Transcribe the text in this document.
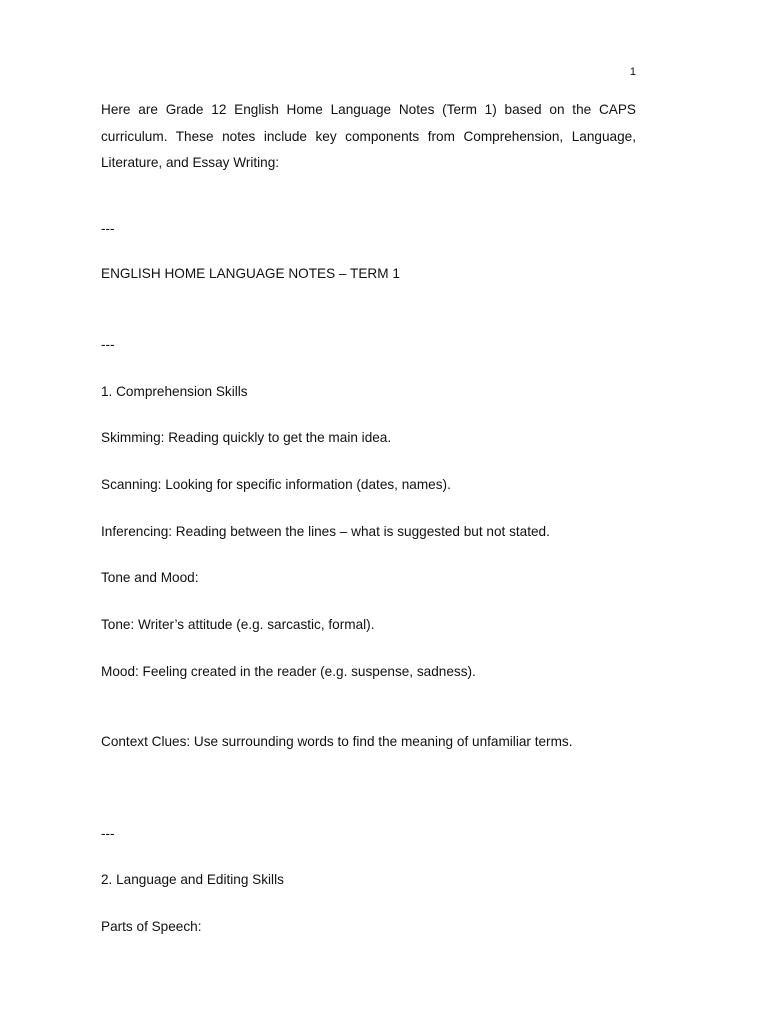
1
Here are Grade 12 English Home Language Notes (Term 1) based on the CAPS curriculum. These notes include key components from Comprehension, Language, Literature, and Essay Writing:
---
ENGLISH HOME LANGUAGE NOTES – TERM 1
---
1. Comprehension Skills
Skimming: Reading quickly to get the main idea.
Scanning: Looking for specific information (dates, names).
Inferencing: Reading between the lines – what is suggested but not stated.
Tone and Mood:
Tone: Writer’s attitude (e.g. sarcastic, formal).
Mood: Feeling created in the reader (e.g. suspense, sadness).
Context Clues: Use surrounding words to find the meaning of unfamiliar terms.
---
2. Language and Editing Skills
Parts of Speech:
